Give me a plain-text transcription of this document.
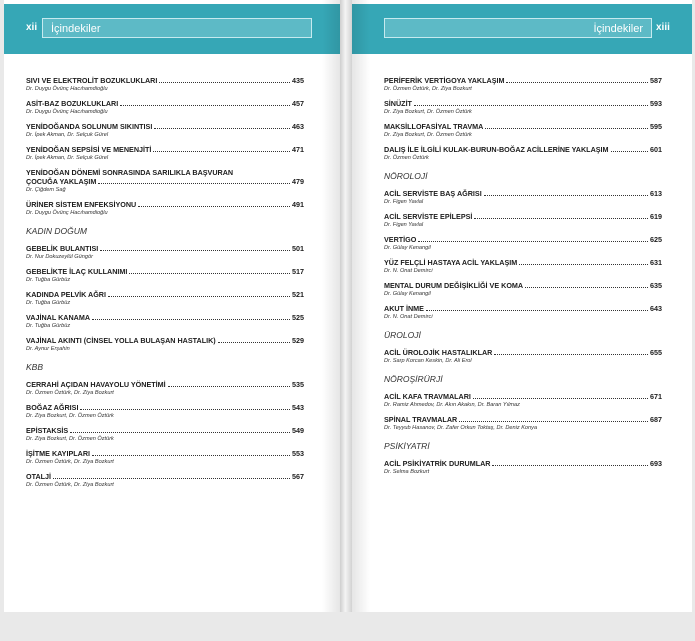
xii	İçindekiler
SIVI VE ELEKTROLİT BOZUKLUKLARI	435
Dr. Duygu Övünç Hacıhamdioğlu
ASİT-BAZ BOZUKLUKLARI	457
Dr. Duygu Övünç Hacıhamdioğlu
YENİDOĞANDA SOLUNUM SIKINTISI	463
Dr. İpek Akman, Dr. Selçuk Gürel
YENİDOĞAN SEPSİSİ VE MENENJİTİ	471
Dr. İpek Akman, Dr. Selçuk Gürel
YENİDOĞAN DÖNEMİ SONRASINDA SARILIKLA BAŞVURAN
ÇOCUĞA YAKLAŞIM	479
Dr. Çiğdem Sağ
ÜRİNER SİSTEM ENFEKSİYONU	491
Dr. Duygu Övünç Hacıhamdioğlu
KADIN DOĞUM
GEBELİK BULANTISI	501
Dr. Nur Dokuzeylül Güngör
GEBELİKTE İLAÇ KULLANIMI	517
Dr. Tuğba Gürbüz
KADINDA PELVİK AĞRI	521
Dr. Tuğba Gürbüz
VAJİNAL KANAMA	525
Dr. Tuğba Gürbüz
VAJİNAL AKINTI (CİNSEL YOLLA BULAŞAN HASTALIK)	529
Dr. Aynur Erşahin
KBB
CERRAHİ AÇIDAN HAVAYOLU YÖNETİMİ	535
Dr. Özmen Öztürk, Dr. Ziya Bozkurt
BOĞAZ AĞRISI	543
Dr. Ziya Bozkurt, Dr. Özmen Öztürk
EPİSTAKSİS	549
Dr. Ziya Bozkurt, Dr. Özmen Öztürk
İŞİTME KAYIPLARI	553
Dr. Özmen Öztürk, Dr. Ziya Bozkurt
OTALJİ	567
Dr. Özmen Öztürk, Dr. Ziya Bozkurt
İçindekiler	xiii
PERİFERİK VERTİGOYA YAKLAŞIM	587
Dr. Özmen Öztürk, Dr. Ziya Bozkurt
SİNÜZİT	593
Dr. Ziya Bozkurt, Dr. Özmen Öztürk
MAKSİLLOFASİYAL TRAVMA	595
Dr. Ziya Bozkurt, Dr. Özmen Öztürk
DALIŞ İLE İLGİLİ KULAK-BURUN-BOĞAZ ACİLLERİNE YAKLAŞIM	601
Dr. Özmen Öztürk
NÖROLOJİ
ACİL SERVİSTE BAŞ AĞRISI	613
Dr. Figen Yavlal
ACİL SERVİSTE EPİLEPSİ	619
Dr. Figen Yavlal
VERTİGO	625
Dr. Gülay Kenangil
YÜZ FELÇLİ HASTAYA ACİL YAKLAŞIM	631
Dr. N. Onat Demirci
MENTAL DURUM DEĞİŞİKLİĞİ VE KOMA	635
Dr. Gülay Kenangil
AKUT İNME	643
Dr. N. Onat Demirci
ÜROLOJİ
ACİL ÜROLOJİK HASTALIKLAR	655
Dr. Sarp Korcan Keskin, Dr. Ali Erol
NÖROŞİRÜRJİ
ACİL KAFA TRAVMALARI	671
Dr. Ramiz Ahmedov, Dr. Akın Akakın, Dr. Baran Yılmaz
SPİNAL TRAVMALAR	687
Dr. Teyyub Hasanov, Dr. Zafer Orkun Toktaş, Dr. Deniz Konya
PSİKİYATRİ
ACİL PSİKİYATRİK DURUMLAR	693
Dr. Selma Bozkurt
